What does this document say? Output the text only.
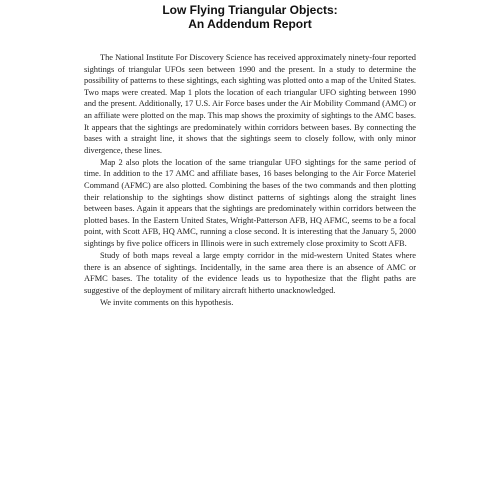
Low Flying Triangular Objects:
An Addendum Report

The National Institute For Discovery Science has received approximately ninety-four reported sightings of triangular UFOs seen between 1990 and the present. In a study to determine the possibility of patterns to these sightings, each sighting was plotted onto a map of the United States. Two maps were created. Map 1 plots the location of each triangular UFO sighting between 1990 and the present. Additionally, 17 U.S. Air Force bases under the Air Mobility Command (AMC) or an affiliate were plotted on the map. This map shows the proximity of sightings to the AMC bases. It appears that the sightings are predominately within corridors between bases. By connecting the bases with a straight line, it shows that the sightings seem to closely follow, with only minor divergence, these lines.

Map 2 also plots the location of the same triangular UFO sightings for the same period of time. In addition to the 17 AMC and affiliate bases, 16 bases belonging to the Air Force Materiel Command (AFMC) are also plotted. Combining the bases of the two commands and then plotting their relationship to the sightings show distinct patterns of sightings along the straight lines between bases. Again it appears that the sightings are predominately within corridors between the plotted bases. In the Eastern United States, Wright-Patterson AFB, HQ AFMC, seems to be a focal point, with Scott AFB, HQ AMC, running a close second. It is interesting that the January 5, 2000 sightings by five police officers in Illinois were in such extremely close proximity to Scott AFB.

Study of both maps reveal a large empty corridor in the mid-western United States where there is an absence of sightings. Incidentally, in the same area there is an absence of AMC or AFMC bases. The totality of the evidence leads us to hypothesize that the flight paths are suggestive of the deployment of military aircraft hitherto unacknowledged.

We invite comments on this hypothesis.
